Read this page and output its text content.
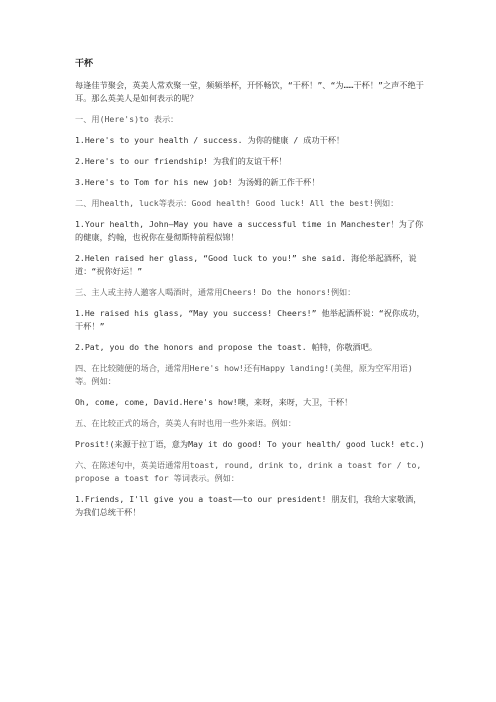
干杯
每逢佳节聚会，英美人常欢聚一堂，频频举杯，开怀畅饮，“干杯！”、“为……干杯！”之声不绝于耳。那么英美人是如何表示的呢？
一、用(Here's)to 表示：
1.Here's to your health / success. 为你的健康 / 成功干杯！
2.Here's to our friendship! 为我们的友谊干杯！
3.Here's to Tom for his new job! 为汤姆的新工作干杯！
二、用health, luck等表示：Good health! Good luck! All the best!例如：
1.Your health, John—May you have a successful time in Manchester！为了你的健康，约翰，也祝你在曼彻斯特前程似锦！
2.Helen raised her glass, “Good luck to you!” she said. 海伦举起酒杯，说道：“祝你好运！”
三、主人或主持人邀客人喝酒时，通常用Cheers! Do the honors!例如：
1.He raised his glass, “May you success! Cheers!” 他举起酒杯说：“祝你成功，干杯！”
2.Pat, you do the honors and propose the toast. 帕特，你敬酒吧。
四、在比较随便的场合，通常用Here's how!还有Happy landing!(美俚，原为空军用语)等。例如：
Oh, come, come, David.Here's how!噢，来呀，来呀，大卫，干杯！
五、在比较正式的场合，英美人有时也用一些外来语。例如：
Prosit!(来源于拉丁语，意为May it do good! To your health/ good luck! etc.)
六、在陈述句中，英美语通常用toast, round, drink to, drink a toast for / to, propose a toast for 等词表示。例如：
1.Friends, I'll give you a toast——to our president! 朋友们，我给大家敬酒，为我们总统干杯！
